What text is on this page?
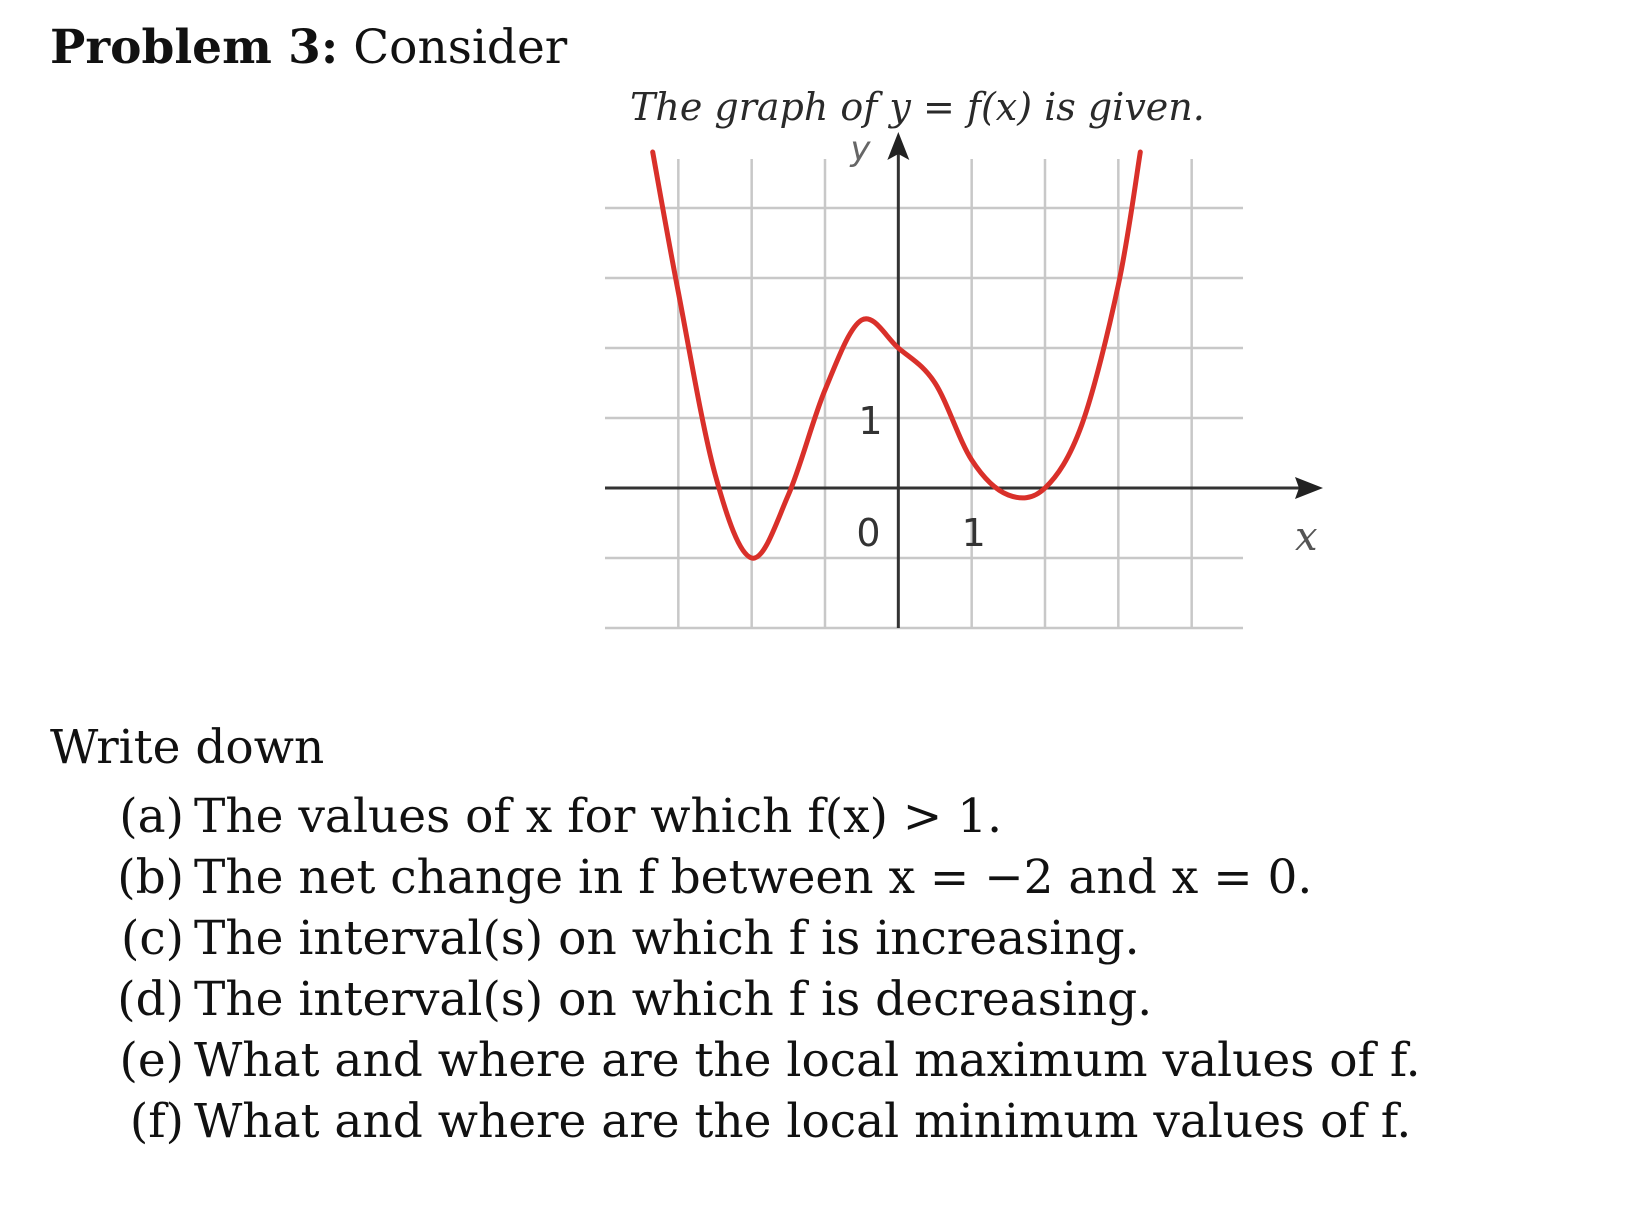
Problem 3: Consider
The graph of y = f(x) is given.
0 1
1
y
x
Write down
(a) The values of x for which f(x) > 1.
(b) The net change in f between x = −2 and x = 0.
(c) The interval(s) on which f is increasing.
(d) The interval(s) on which f is decreasing.
(e) What and where are the local maximum values of f.
(f) What and where are the local minimum values of f.
